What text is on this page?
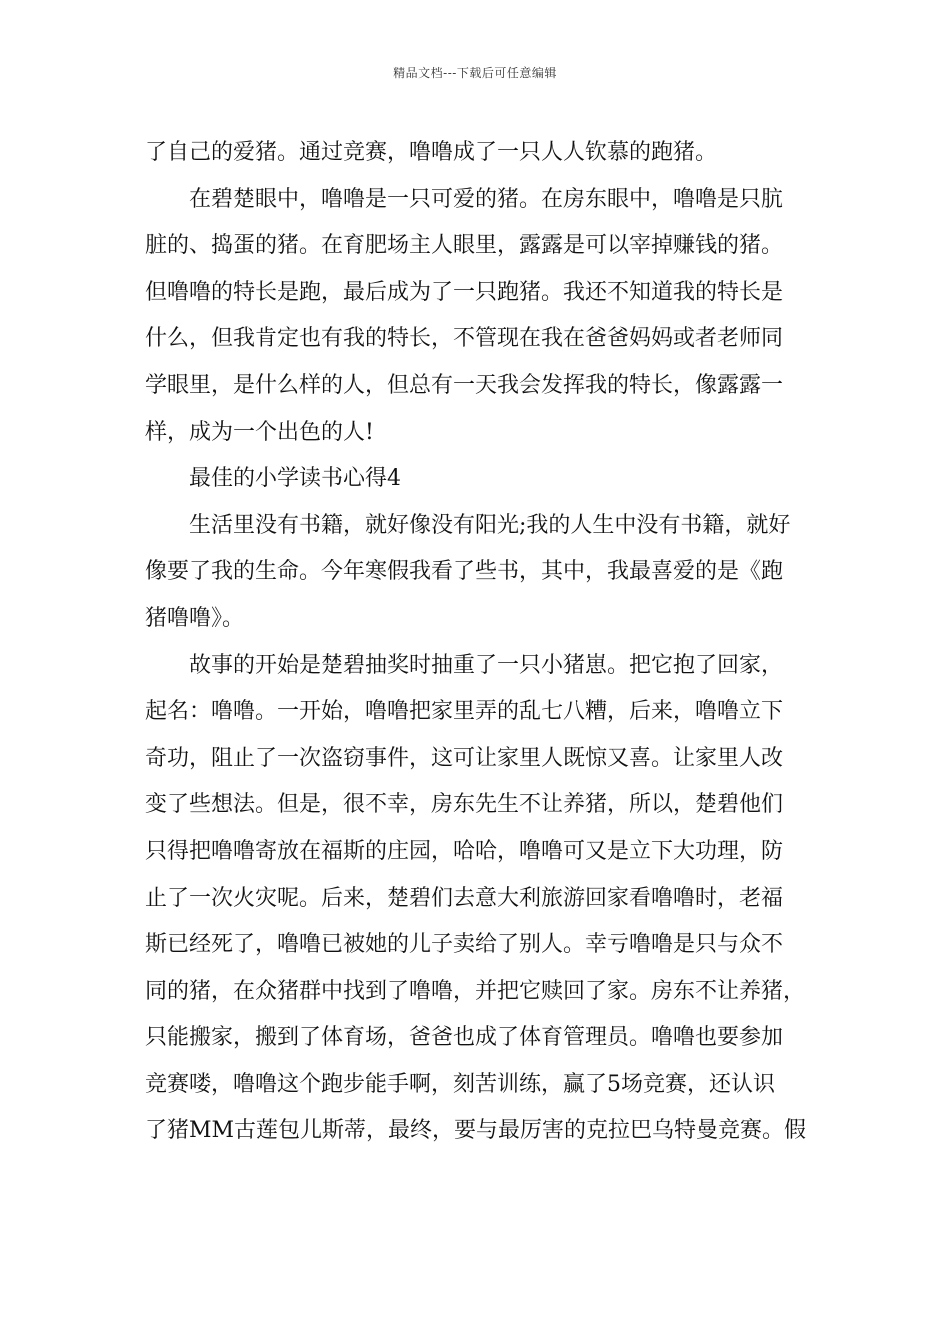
精品文档---下载后可任意编辑
了自己的爱猪。通过竞赛，噜噜成了一只人人钦慕的跑猪。
在碧楚眼中，噜噜是一只可爱的猪。在房东眼中，噜噜是只肮
脏的、捣蛋的猪。在育肥场主人眼里，露露是可以宰掉赚钱的猪。
但噜噜的特长是跑，最后成为了一只跑猪。我还不知道我的特长是
什么，但我肯定也有我的特长，不管现在我在爸爸妈妈或者老师同
学眼里，是什么样的人，但总有一天我会发挥我的特长，像露露一
样，成为一个出色的人!
最佳的小学读书心得4
生活里没有书籍，就好像没有阳光;我的人生中没有书籍，就好
像要了我的生命。今年寒假我看了些书，其中，我最喜爱的是《跑
猪噜噜》。
故事的开始是楚碧抽奖时抽重了一只小猪崽。把它抱了回家，
起名：噜噜。一开始，噜噜把家里弄的乱七八糟，后来，噜噜立下
奇功，阻止了一次盗窃事件，这可让家里人既惊又喜。让家里人改
变了些想法。但是，很不幸，房东先生不让养猪，所以，楚碧他们
只得把噜噜寄放在福斯的庄园，哈哈，噜噜可又是立下大功理，防
止了一次火灾呢。后来，楚碧们去意大利旅游回家看噜噜时，老福
斯已经死了，噜噜已被她的儿子卖给了别人。幸亏噜噜是只与众不
同的猪，在众猪群中找到了噜噜，并把它赎回了家。房东不让养猪，
只能搬家，搬到了体育场，爸爸也成了体育管理员。噜噜也要参加
竞赛喽，噜噜这个跑步能手啊，刻苦训练，赢了5场竞赛，还认识
了猪MM古莲包儿斯蒂，最终，要与最厉害的克拉巴乌特曼竞赛。假
